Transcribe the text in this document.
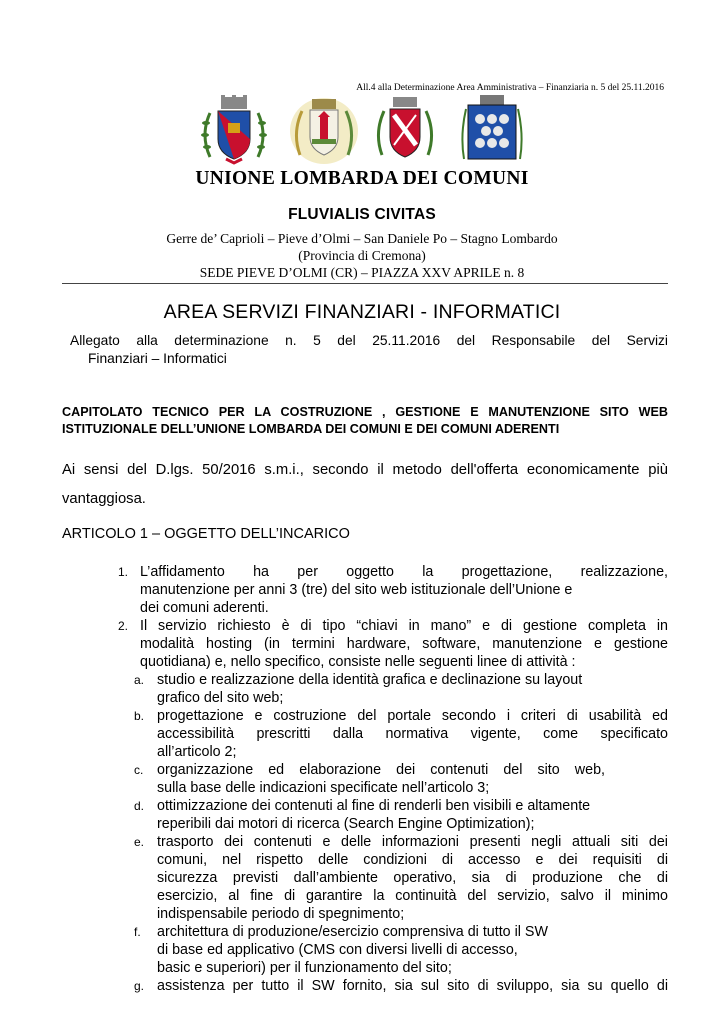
All.4 alla Determinazione Area Amministrativa – Finanziaria n. 5 del 25.11.2016
UNIONE LOMBARDA DEI COMUNI
FLUVIALIS CIVITAS
Gerre de’ Caprioli – Pieve d’Olmi – San Daniele Po – Stagno Lombardo
(Provincia di Cremona)
SEDE PIEVE D’OLMI (CR) – PIAZZA XXV APRILE n. 8
AREA SERVIZI FINANZIARI - INFORMATICI
Allegato alla determinazione n. 5 del 25.11.2016 del Responsabile del Servizi
Finanziari – Informatici
CAPITOLATO TECNICO PER LA COSTRUZIONE , GESTIONE E MANUTENZIONE SITO WEB
ISTITUZIONALE DELL’UNIONE LOMBARDA DEI COMUNI E DEI COMUNI ADERENTI
Ai sensi del D.lgs. 50/2016 s.m.i., secondo il metodo dell'offerta economicamente più
vantaggiosa.
ARTICOLO 1 – OGGETTO DELL’INCARICO
1. L’affidamento ha per oggetto la progettazione, realizzazione,
manutenzione per anni 3 (tre) del sito web istituzionale dell’Unione e
dei comuni aderenti.
2. Il servizio richiesto è di tipo “chiavi in mano” e di gestione completa in
modalità hosting (in termini hardware, software, manutenzione e gestione
quotidiana) e, nello specifico, consiste nelle seguenti linee di attività :
a. studio e realizzazione della identità grafica e declinazione su layout
grafico del sito web;
b. progettazione e costruzione del portale secondo i criteri di usabilità ed
accessibilità prescritti dalla normativa vigente, come specificato
all’articolo 2;
c. organizzazione ed elaborazione dei contenuti del sito web,
sulla base delle indicazioni specificate nell’articolo 3;
d. ottimizzazione dei contenuti al fine di renderli ben visibili e altamente
reperibili dai motori di ricerca (Search Engine Optimization);
e. trasporto dei contenuti e delle informazioni presenti negli attuali siti dei
comuni, nel rispetto delle condizioni di accesso e dei requisiti di
sicurezza previsti dall’ambiente operativo, sia di produzione che di
esercizio, al fine di garantire la continuità del servizio, salvo il minimo
indispensabile periodo di spegnimento;
f. architettura di produzione/esercizio comprensiva di tutto il SW
di base ed applicativo (CMS con diversi livelli di accesso,
basic e superiori) per il funzionamento del sito;
g. assistenza per tutto il SW fornito, sia sul sito di sviluppo, sia su quello di
